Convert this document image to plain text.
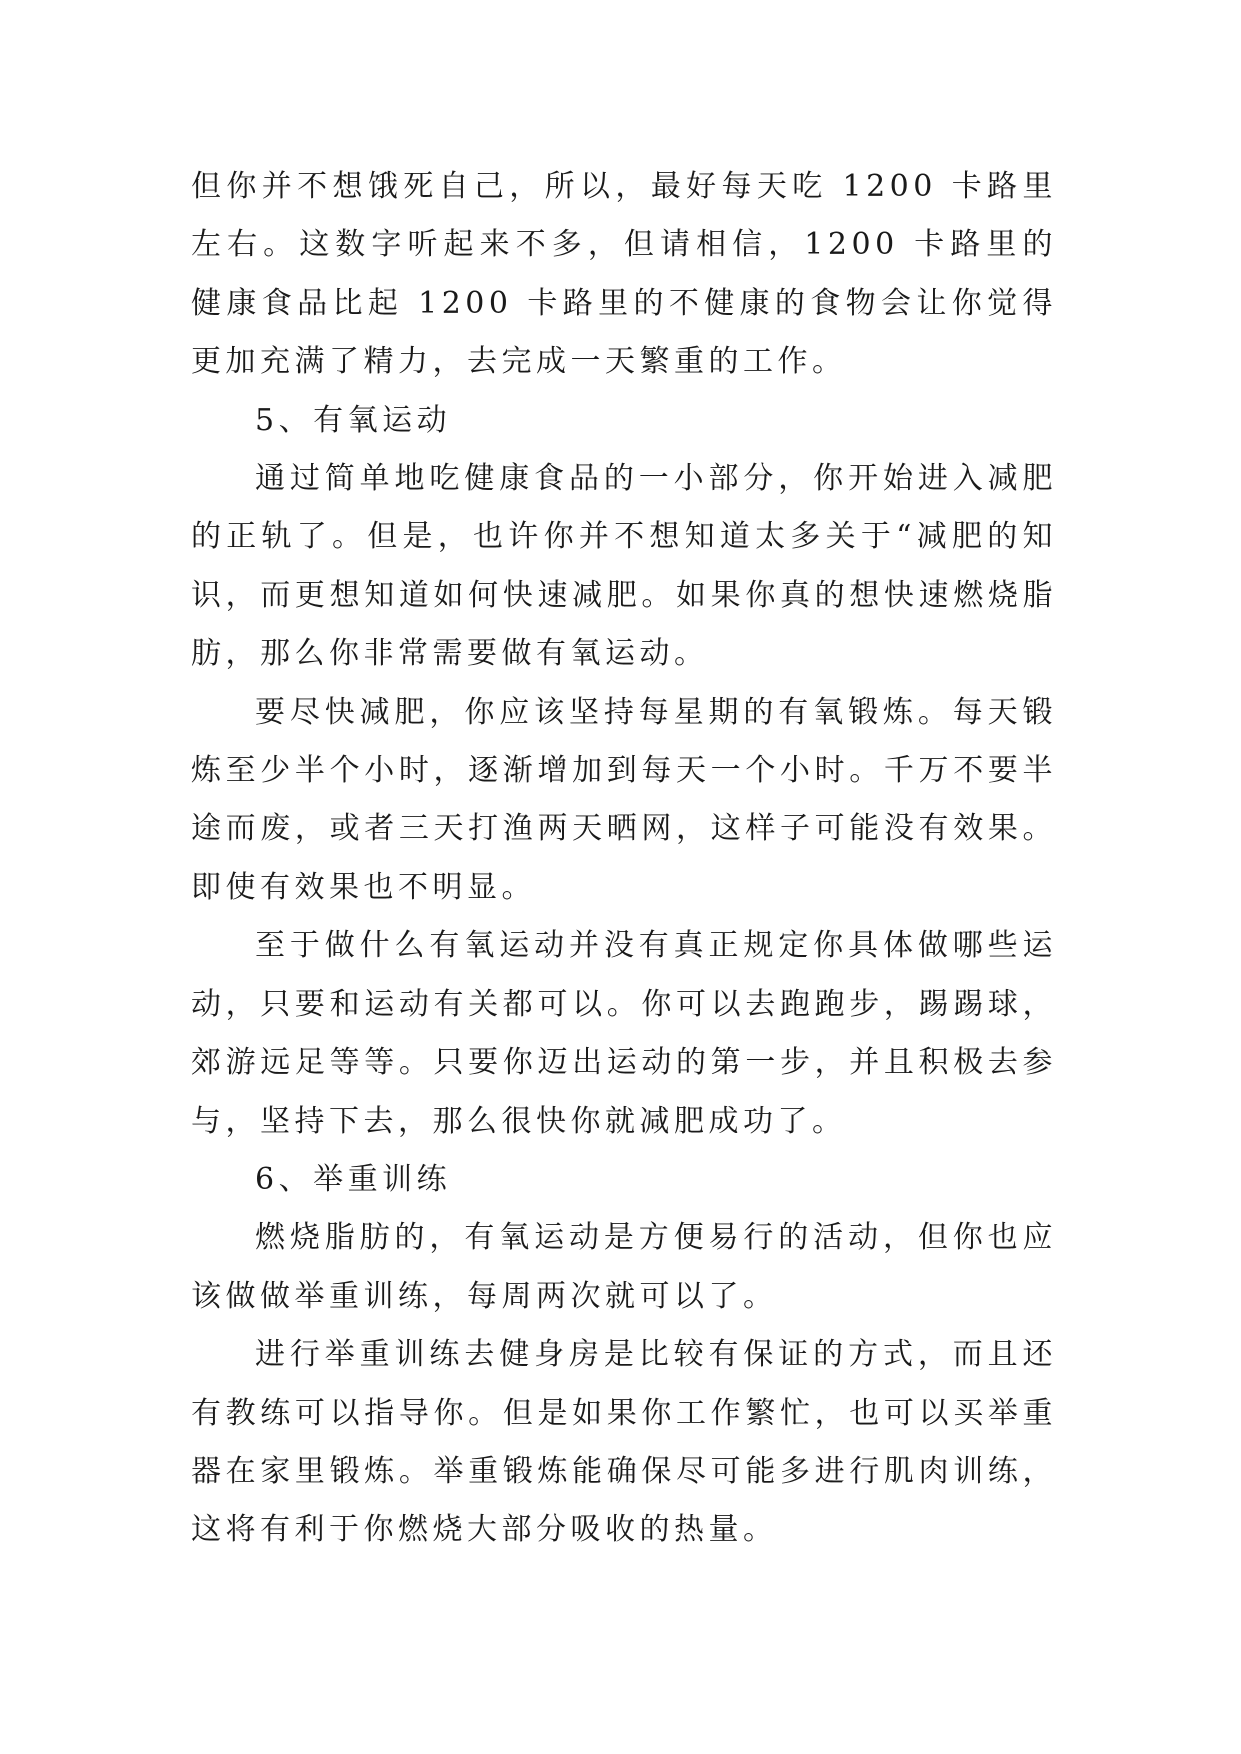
但你并不想饿死自己，所以，最好每天吃 1200 卡路里左右。这数字听起来不多，但请相信，1200 卡路里的健康食品比起 1200 卡路里的不健康的食物会让你觉得更加充满了精力，去完成一天繁重的工作。

5、有氧运动

通过简单地吃健康食品的一小部分，你开始进入减肥的正轨了。但是，也许你并不想知道太多关于“减肥的知识，而更想知道如何快速减肥。如果你真的想快速燃烧脂肪，那么你非常需要做有氧运动。

要尽快减肥，你应该坚持每星期的有氧锻炼。每天锻炼至少半个小时，逐渐增加到每天一个小时。千万不要半途而废，或者三天打渔两天晒网，这样子可能没有效果。即使有效果也不明显。

至于做什么有氧运动并没有真正规定你具体做哪些运动，只要和运动有关都可以。你可以去跑跑步，踢踢球，郊游远足等等。只要你迈出运动的第一步，并且积极去参与，坚持下去，那么很快你就减肥成功了。

6、举重训练

燃烧脂肪的，有氧运动是方便易行的活动，但你也应该做做举重训练，每周两次就可以了。

进行举重训练去健身房是比较有保证的方式，而且还有教练可以指导你。但是如果你工作繁忙，也可以买举重器在家里锻炼。举重锻炼能确保尽可能多进行肌肉训练，这将有利于你燃烧大部分吸收的热量。
